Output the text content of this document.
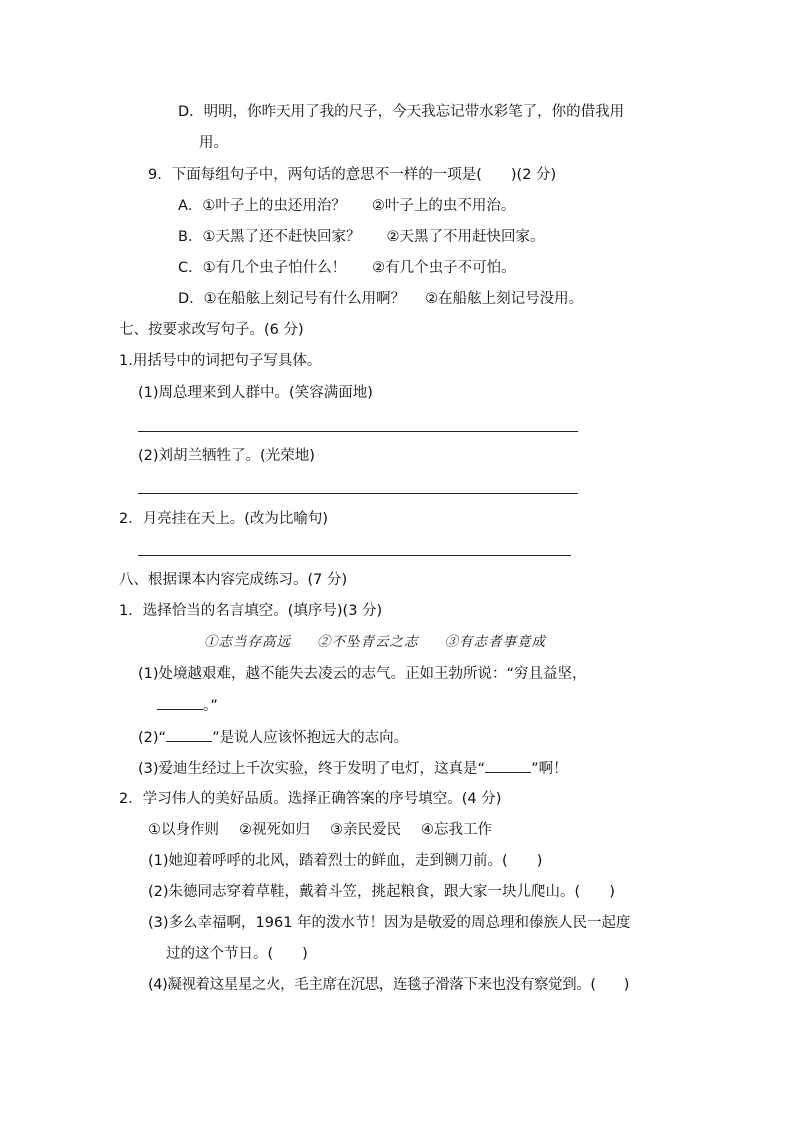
D．明明，你昨天用了我的尺子，今天我忘记带水彩笔了，你的借我用
用。
9．下面每组句子中，两句话的意思不一样的一项是(　　)(2 分)
A．①叶子上的虫还用治？ ②叶子上的虫不用治。
B．①天黑了还不赶快回家？ ②天黑了不用赶快回家。
C．①有几个虫子怕什么！ ②有几个虫子不可怕。
D．①在船舷上刻记号有什么用啊？ ②在船舷上刻记号没用。
七、按要求改写句子。(6 分)
1.用括号中的词把句子写具体。
(1)周总理来到人群中。(笑容满面地)
(2)刘胡兰牺牲了。(光荣地)
2．月亮挂在天上。(改为比喻句)
八、根据课本内容完成练习。(7 分)
1．选择恰当的名言填空。(填序号)(3 分)
①志当存高远 ②不坠青云之志 ③有志者事竟成
(1)处境越艰难，越不能失去凌云的志气。正如王勃所说：“穷且益坚，
。”
(2)“	”是说人应该怀抱远大的志向。
(3)爱迪生经过上千次实验，终于发明了电灯，这真是“	”啊！
2．学习伟人的美好品质。选择正确答案的序号填空。(4 分)
①以身作则 ②视死如归 ③亲民爱民 ④忘我工作
(1)她迎着呼呼的北风，踏着烈士的鲜血，走到铡刀前。(　　)
(2)朱德同志穿着草鞋，戴着斗笠，挑起粮食，跟大家一块儿爬山。(　　)
(3)多么幸福啊，1961 年的泼水节！因为是敬爱的周总理和傣族人民一起度
过的这个节日。(　　)
(4)凝视着这星星之火，毛主席在沉思，连毯子滑落下来也没有察觉到。(　　)
